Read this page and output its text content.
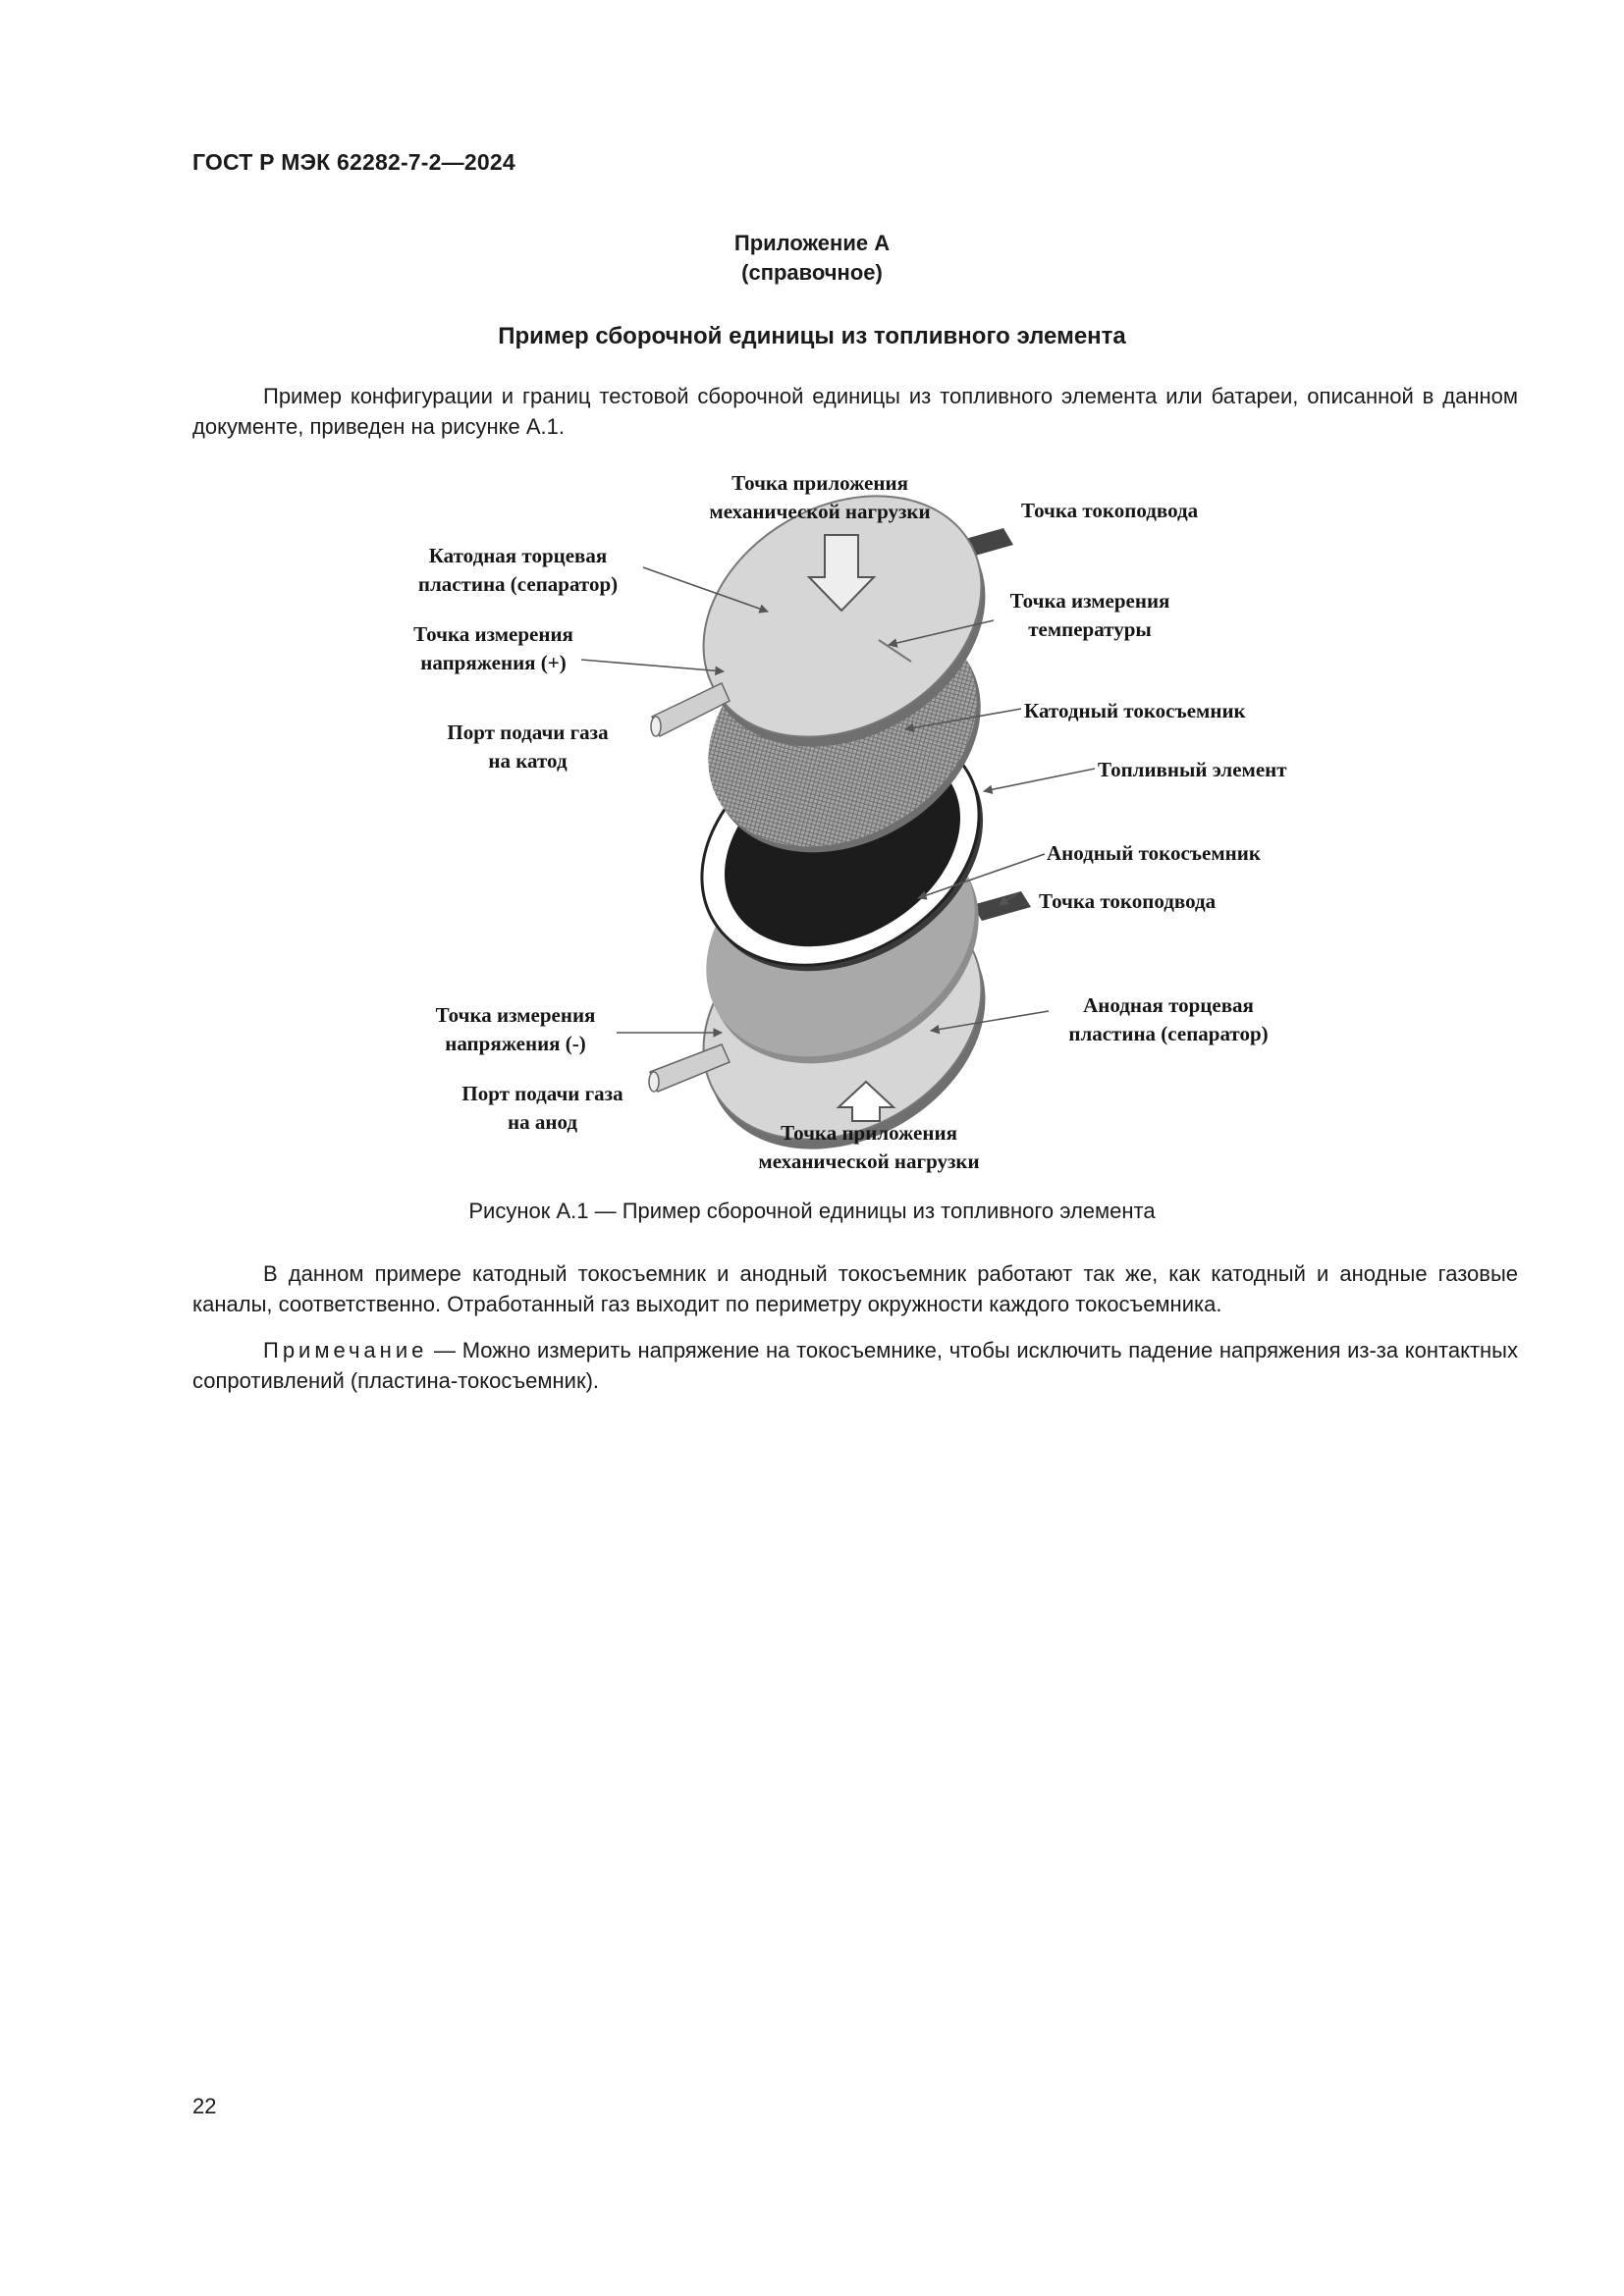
ГОСТ Р МЭК 62282-7-2—2024
Приложение А
(справочное)
Пример сборочной единицы из топливного элемента

Пример конфигурации и границ тестовой сборочной единицы из топливного элемента или батареи, описанной в данном документе, приведен на рисунке А.1.

Точка приложения
механической нагрузки	Точка токоподвода
Катодная торцевая
пластина (сепаратор)
Точка измерения
температуры
Точка измерения
напряжения (+)
Катодный токосъемник
Порт подачи газа
на катод	Топливный элемент
Анодный токосъемник
Точка токоподвода
Точка измерения
напряжения (-)
Анодная торцевая
пластина (сепаратор)
Порт подачи газа
на анод	Точка приложения
механической нагрузки
Рисунок А.1 — Пример сборочной единицы из топливного элемента

В данном примере катодный токосъемник и анодный токосъемник работают так же, как катодный и анодные газовые каналы, соответственно. Отработанный газ выходит по периметру окружности каждого токосъемника.

Примечание — Можно измерить напряжение на токосъемнике, чтобы исключить падение напряжения из-за контактных сопротивлений (пластина-токосъемник).

22
